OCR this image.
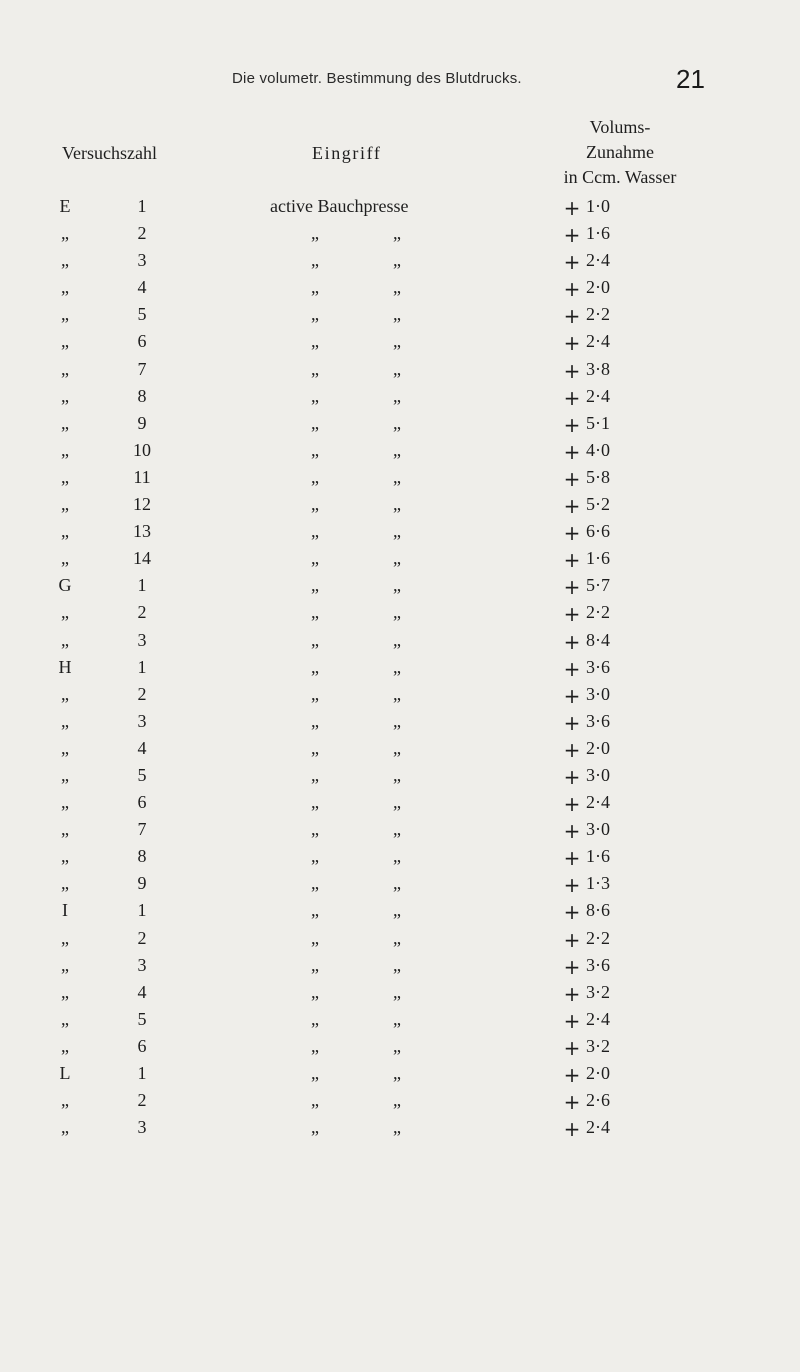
Die volumetr. Bestimmung des Blutdrucks.	21
Versuchszahl	Eingriff
Volums-
Zunahme
in Ccm. Wasser
E	1	active Bauchpresse	+ 1·0
„	2	„	„	+ 1·6
„	3	„	„	+ 2·4
„	4	„	„	+ 2·0
„	5	„	„	+ 2·2
„	6	„	„	+ 2·4
„	7	„	„	+ 3·8
„	8	„	„	+ 2·4
„	9	„	„	+ 5·1
„	10	„	„	+ 4·0
„	11	„	„	+ 5·8
„	12	„	„	+ 5·2
„	13	„	„	+ 6·6
„	14	„	„	+ 1·6
G	1	„	„	+ 5·7
„	2	„	„	+ 2·2
„	3	„	„	+ 8·4
H	1	„	„	+ 3·6
„	2	„	„	+ 3·0
„	3	„	„	+ 3·6
„	4	„	„	+ 2·0
„	5	„	„	+ 3·0
„	6	„	„	+ 2·4
„	7	„	„	+ 3·0
„	8	„	„	+ 1·6
„	9	„	„	+ 1·3
I	1	„	„	+ 8·6
„	2	„	„	+ 2·2
„	3	„	„	+ 3·6
„	4	„	„	+ 3·2
„	5	„	„	+ 2·4
„	6	„	„	+ 3·2
L	1	„	„	+ 2·0
„	2	„	„	+ 2·6
„	3	„	„	+ 2·4
